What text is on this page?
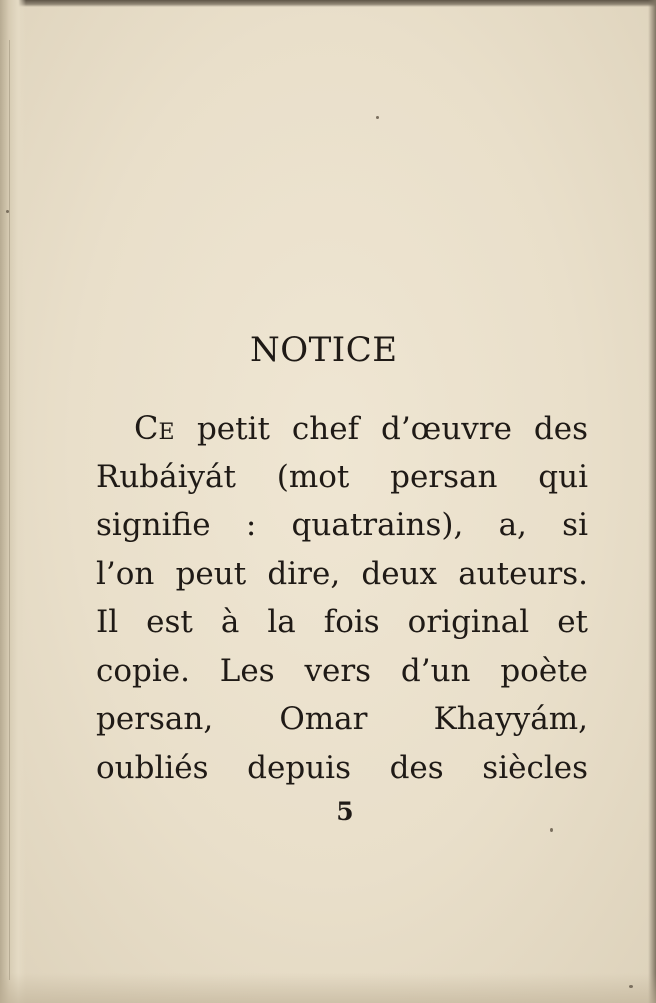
NOTICE
CE petit chef d’œuvre des
Rubáiyát (mot persan qui
signifie : quatrains), a, si
l’on peut dire, deux auteurs.
Il est à la fois original et
copie. Les vers d’un poète
persan, Omar Khayyám,
oubliés depuis des siècles
5
